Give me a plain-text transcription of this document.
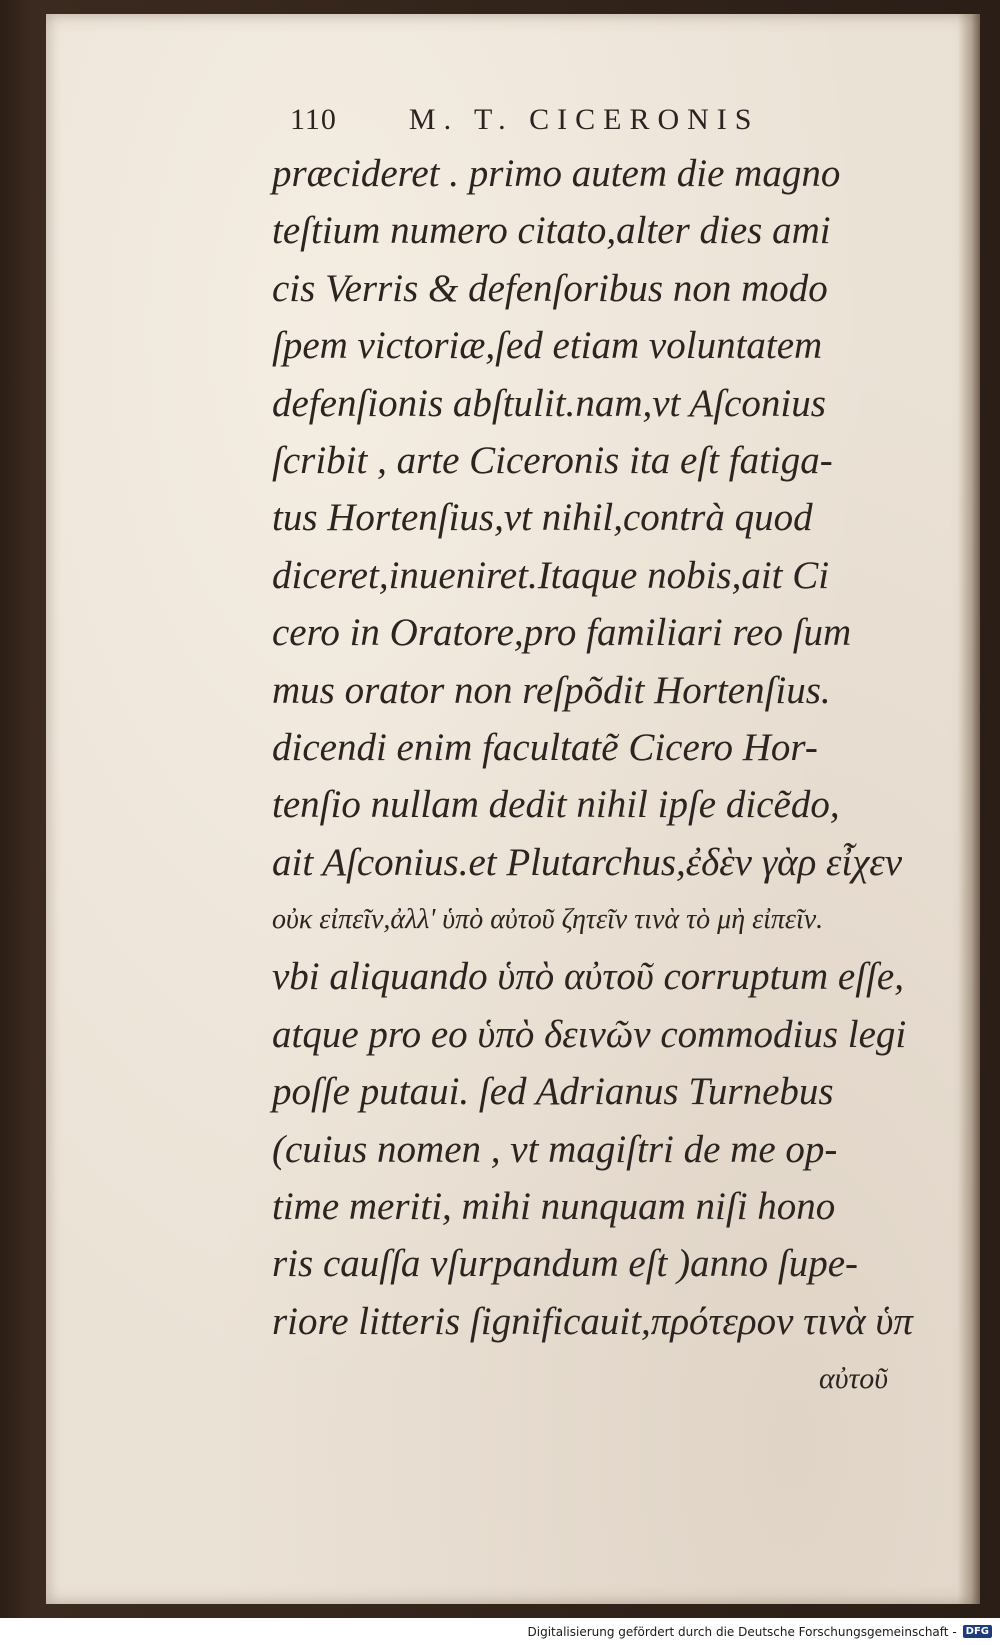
110 M. T. CICERONIS
præcideret . primo autem die magno
teſtium numero citato,alter dies ami
cis Verris & defenſoribus non modo
ſpem victoriæ,ſed etiam voluntatem
defenſionis abſtulit.nam,vt Aſconius
ſcribit , arte Ciceronis ita eſt fatiga-
tus Hortenſius,vt nihil,contrà quod
diceret,inueniret.Itaque nobis,ait Ci
cero in Oratore,pro familiari reo ſum
mus orator non reſpõdit Hortenſius.
dicendi enim facultatẽ Cicero Hor-
tenſio nullam dedit nihil ipſe dicẽdo,
ait Aſconius.et Plutarchus,ἐδὲν γὰρ εἶχεν
οὐκ εἰπεῖν,ἀλλ' ὑπὸ αὐτοῦ ζητεῖν τινὰ τὸ μὴ εἰπεῖν.
vbi aliquando ὑπὸ αὐτοῦ corruptum eſſe,
atque pro eo ὑπὸ δεινῶν commodius legi
poſſe putaui. ſed Adrianus Turnebus
(cuius nomen , vt magiſtri de me op-
time meriti, mihi nunquam niſi hono
ris cauſſa vſurpandum eſt )anno ſupe-
riore litteris ſignificauit,πρότερον τινὰ ὑπ
αὐτοῦ
Digitalisierung gefördert durch die Deutsche Forschungsgemeinschaft - DFG
